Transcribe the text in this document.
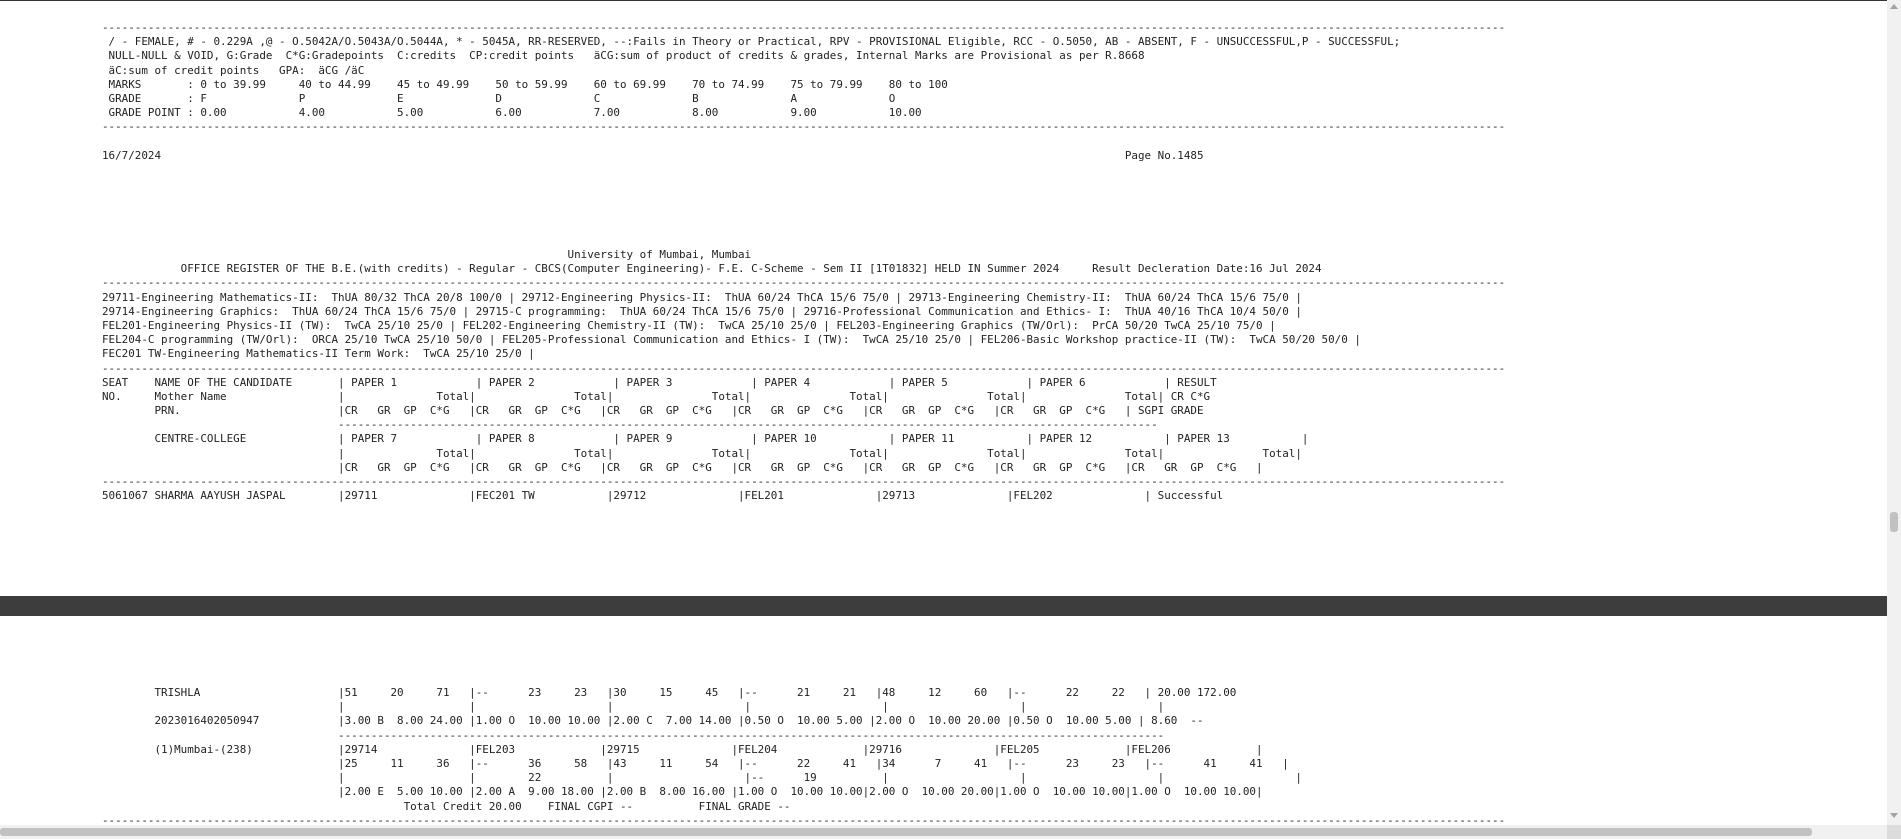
----------------------------------------------------------------------------------------------------------------------------------------------------------------------------------------------------------------------
/ - FEMALE, # - 0.229A ,@ - O.5042A/O.5043A/O.5044A, * - 5045A, RR-RESERVED, --:Fails in Theory or Practical, RPV - PROVISIONAL Eligible, RCC - O.5050, AB - ABSENT, F - UNSUCCESSFUL,P - SUCCESSFUL;
NULL-NULL & VOID, G:Grade  C*G:Gradepoints  C:credits  CP:credit points   äCG:sum of product of credits & grades, Internal Marks are Provisional as per R.8668
äC:sum of credit points   GPA:  äCG /äC
MARKS       : 0 to 39.99     40 to 44.99    45 to 49.99    50 to 59.99    60 to 69.99    70 to 74.99    75 to 79.99    80 to 100
GRADE       : F              P              E              D              C              B              A              O
GRADE POINT : 0.00           4.00           5.00           6.00           7.00           8.00           9.00           10.00
----------------------------------------------------------------------------------------------------------------------------------------------------------------------------------------------------------------------
16/7/2024                                                                                                                                                   Page No.1485
University of Mumbai, Mumbai
OFFICE REGISTER OF THE B.E.(with credits) - Regular - CBCS(Computer Engineering)- F.E. C-Scheme - Sem II [1T01832] HELD IN Summer 2024     Result Decleration Date:16 Jul 2024
----------------------------------------------------------------------------------------------------------------------------------------------------------------------------------------------------------------------
29711-Engineering Mathematics-II:  ThUA 80/32 ThCA 20/8 100/0 | 29712-Engineering Physics-II:  ThUA 60/24 ThCA 15/6 75/0 | 29713-Engineering Chemistry-II:  ThUA 60/24 ThCA 15/6 75/0 |
29714-Engineering Graphics:  ThUA 60/24 ThCA 15/6 75/0 | 29715-C programming:  ThUA 60/24 ThCA 15/6 75/0 | 29716-Professional Communication and Ethics- I:  ThUA 40/16 ThCA 10/4 50/0 |
FEL201-Engineering Physics-II (TW):  TwCA 25/10 25/0 | FEL202-Engineering Chemistry-II (TW):  TwCA 25/10 25/0 | FEL203-Engineering Graphics (TW/Orl):  PrCA 50/20 TwCA 25/10 75/0 |
FEL204-C programming (TW/Orl):  ORCA 25/10 TwCA 25/10 50/0 | FEL205-Professional Communication and Ethics- I (TW):  TwCA 25/10 25/0 | FEL206-Basic Workshop practice-II (TW):  TwCA 50/20 50/0 |
FEC201 TW-Engineering Mathematics-II Term Work:  TwCA 25/10 25/0 |
----------------------------------------------------------------------------------------------------------------------------------------------------------------------------------------------------------------------
SEAT    NAME OF THE CANDIDATE       | PAPER 1            | PAPER 2            | PAPER 3            | PAPER 4            | PAPER 5            | PAPER 6            | RESULT
NO.     Mother Name                 |              Total|               Total|               Total|               Total|               Total|               Total| CR C*G
PRN.                        |CR   GR  GP  C*G   |CR   GR  GP  C*G   |CR   GR  GP  C*G   |CR   GR  GP  C*G   |CR   GR  GP  C*G   |CR   GR  GP  C*G   | SGPI GRADE
-----------------------------------------------------------------------------------------------------------------------------
CENTRE-COLLEGE              | PAPER 7            | PAPER 8            | PAPER 9            | PAPER 10           | PAPER 11           | PAPER 12           | PAPER 13           |
|              Total|               Total|               Total|               Total|               Total|               Total|               Total|
|CR   GR  GP  C*G   |CR   GR  GP  C*G   |CR   GR  GP  C*G   |CR   GR  GP  C*G   |CR   GR  GP  C*G   |CR   GR  GP  C*G   |CR   GR  GP  C*G   |
----------------------------------------------------------------------------------------------------------------------------------------------------------------------------------------------------------------------
5061067 SHARMA AAYUSH JASPAL        |29711              |FEC201 TW           |29712              |FEL201              |29713              |FEL202              | Successful
TRISHLA                     |51     20     71   |--      23     23   |30     15     45   |--      21     21   |48     12     60   |--      22     22   | 20.00 172.00
|                   |                    |                    |                    |                    |                    |
2023016402050947            |3.00 B  8.00 24.00 |1.00 O  10.00 10.00 |2.00 C  7.00 14.00 |0.50 O  10.00 5.00 |2.00 O  10.00 20.00 |0.50 O  10.00 5.00 | 8.60  --
------------------------------------------------------------------------------------------------------------------------------
(1)Mumbai-(238)             |29714              |FEL203             |29715              |FEL204             |29716              |FEL205             |FEL206             |
|25     11     36   |--      36     58   |43     11     54   |--      22     41   |34      7     41   |--      23     23   |--      41     41   |
|                   |        22          |                    |--      19          |                    |                    |                    |
|2.00 E  5.00 10.00 |2.00 A  9.00 18.00 |2.00 B  8.00 16.00 |1.00 O  10.00 10.00|2.00 O  10.00 20.00|1.00 O  10.00 10.00|1.00 O  10.00 10.00|
Total Credit 20.00    FINAL CGPI --          FINAL GRADE --
----------------------------------------------------------------------------------------------------------------------------------------------------------------------------------------------------------------------
